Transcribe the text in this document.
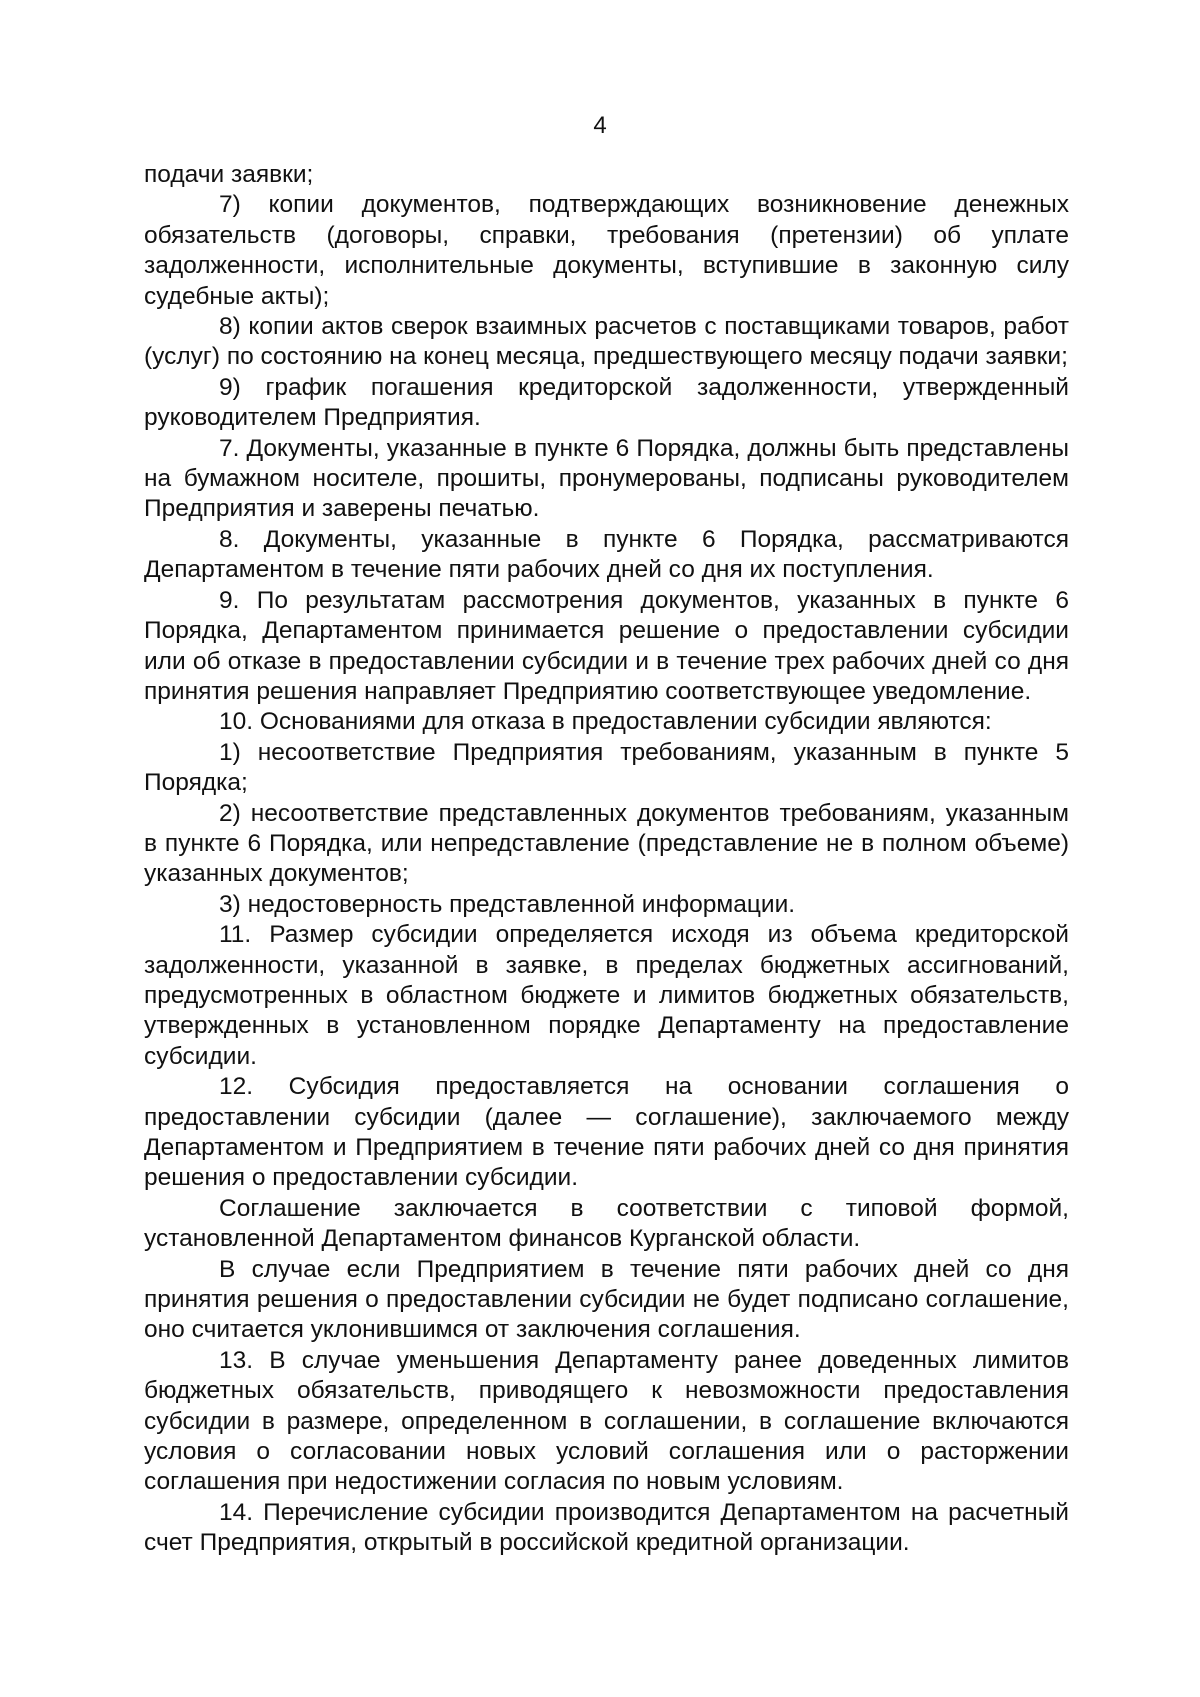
4

подачи заявки;

7) копии документов, подтверждающих возникновение денежных обязательств (договоры, справки, требования (претензии) об уплате задолженности, исполнительные документы, вступившие в законную силу судебные акты);

8) копии актов сверок взаимных расчетов с поставщиками товаров, работ (услуг) по состоянию на конец месяца, предшествующего месяцу подачи заявки;

9) график погашения кредиторской задолженности, утвержденный руководителем Предприятия.

7. Документы, указанные в пункте 6 Порядка, должны быть представлены на бумажном носителе, прошиты, пронумерованы, подписаны руководителем Предприятия и заверены печатью.

8. Документы, указанные в пункте 6 Порядка, рассматриваются Департаментом в течение пяти рабочих дней со дня их поступления.

9. По результатам рассмотрения документов, указанных в пункте 6 Порядка, Департаментом принимается решение о предоставлении субсидии или об отказе в предоставлении субсидии и в течение трех рабочих дней со дня принятия решения направляет Предприятию соответствующее уведомление.

10. Основаниями для отказа в предоставлении субсидии являются:

1) несоответствие Предприятия требованиям, указанным в пункте 5 Порядка;

2) несоответствие представленных документов требованиям, указанным в пункте 6 Порядка, или непредставление (представление не в полном объеме) указанных документов;

3) недостоверность представленной информации.

11. Размер субсидии определяется исходя из объема кредиторской задолженности, указанной в заявке, в пределах бюджетных ассигнований, предусмотренных в областном бюджете и лимитов бюджетных обязательств, утвержденных в установленном порядке Департаменту на предоставление субсидии.

12. Субсидия предоставляется на основании соглашения о предоставлении субсидии (далее — соглашение), заключаемого между Департаментом и Предприятием в течение пяти рабочих дней со дня принятия решения о предоставлении субсидии.

Соглашение заключается в соответствии с типовой формой, установленной Департаментом финансов Курганской области.

В случае если Предприятием в течение пяти рабочих дней со дня принятия решения о предоставлении субсидии не будет подписано соглашение, оно считается уклонившимся от заключения соглашения.

13. В случае уменьшения Департаменту ранее доведенных лимитов бюджетных обязательств, приводящего к невозможности предоставления субсидии в размере, определенном в соглашении, в соглашение включаются условия о согласовании новых условий соглашения или о расторжении соглашения при недостижении согласия по новым условиям.

14. Перечисление субсидии производится Департаментом на расчетный счет Предприятия, открытый в российской кредитной организации.
